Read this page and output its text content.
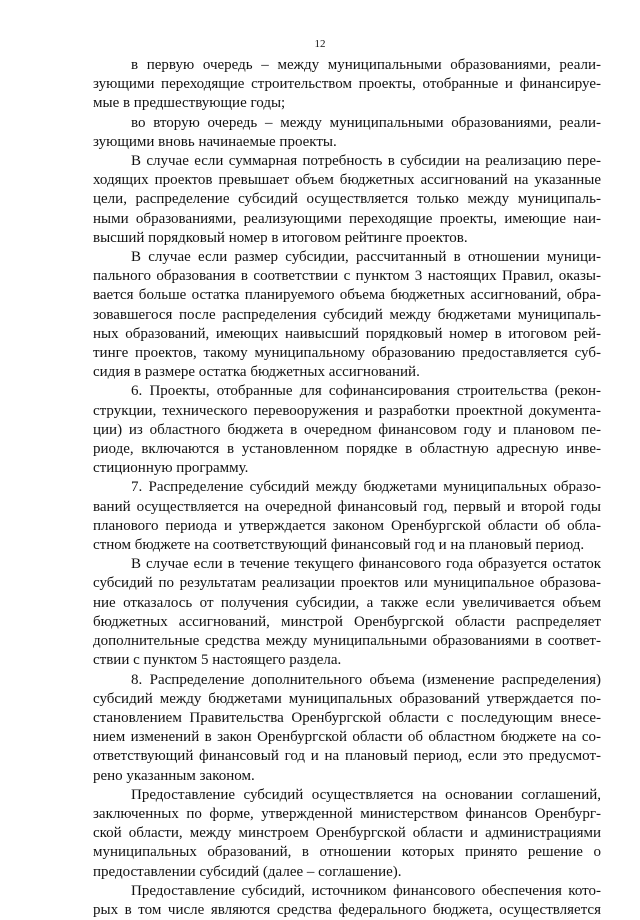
12

в первую очередь – между муниципальными образованиями, реализующими переходящие строительством проекты, отобранные и финансируемые в предшествующие годы;

во вторую очередь – между муниципальными образованиями, реализующими вновь начинаемые проекты.

В случае если суммарная потребность в субсидии на реализацию переходящих проектов превышает объем бюджетных ассигнований на указанные цели, распределение субсидий осуществляется только между муниципальными образованиями, реализующими переходящие проекты, имеющие наивысший порядковый номер в итоговом рейтинге проектов.

В случае если размер субсидии, рассчитанный в отношении муниципального образования в соответствии с пунктом 3 настоящих Правил, оказывается больше остатка планируемого объема бюджетных ассигнований, образовавшегося после распределения субсидий между бюджетами муниципальных образований, имеющих наивысший порядковый номер в итоговом рейтинге проектов, такому муниципальному образованию предоставляется субсидия в размере остатка бюджетных ассигнований.

6. Проекты, отобранные для софинансирования строительства (реконструкции, технического перевооружения и разработки проектной документации) из областного бюджета в очередном финансовом году и плановом периоде, включаются в установленном порядке в областную адресную инвестиционную программу.

7. Распределение субсидий между бюджетами муниципальных образований осуществляется на очередной финансовый год, первый и второй годы планового периода и утверждается законом Оренбургской области об областном бюджете на соответствующий финансовый год и на плановый период.

В случае если в течение текущего финансового года образуется остаток субсидий по результатам реализации проектов или муниципальное образование отказалось от получения субсидии, а также если увеличивается объем бюджетных ассигнований, минстрой Оренбургской области распределяет дополнительные средства между муниципальными образованиями в соответствии с пунктом 5 настоящего раздела.

8. Распределение дополнительного объема (изменение распределения) субсидий между бюджетами муниципальных образований утверждается постановлением Правительства Оренбургской области с последующим внесением изменений в закон Оренбургской области об областном бюджете на соответствующий финансовый год и на плановый период, если это предусмотрено указанным законом.

Предоставление субсидий осуществляется на основании соглашений, заключенных по форме, утвержденной министерством финансов Оренбургской области, между минстроем Оренбургской области и администрациями муниципальных образований, в отношении которых принято решение о предоставлении субсидий (далее – соглашение).

Предоставление субсидий, источником финансового обеспечения которых в том числе являются средства федерального бюджета, осуществляется
